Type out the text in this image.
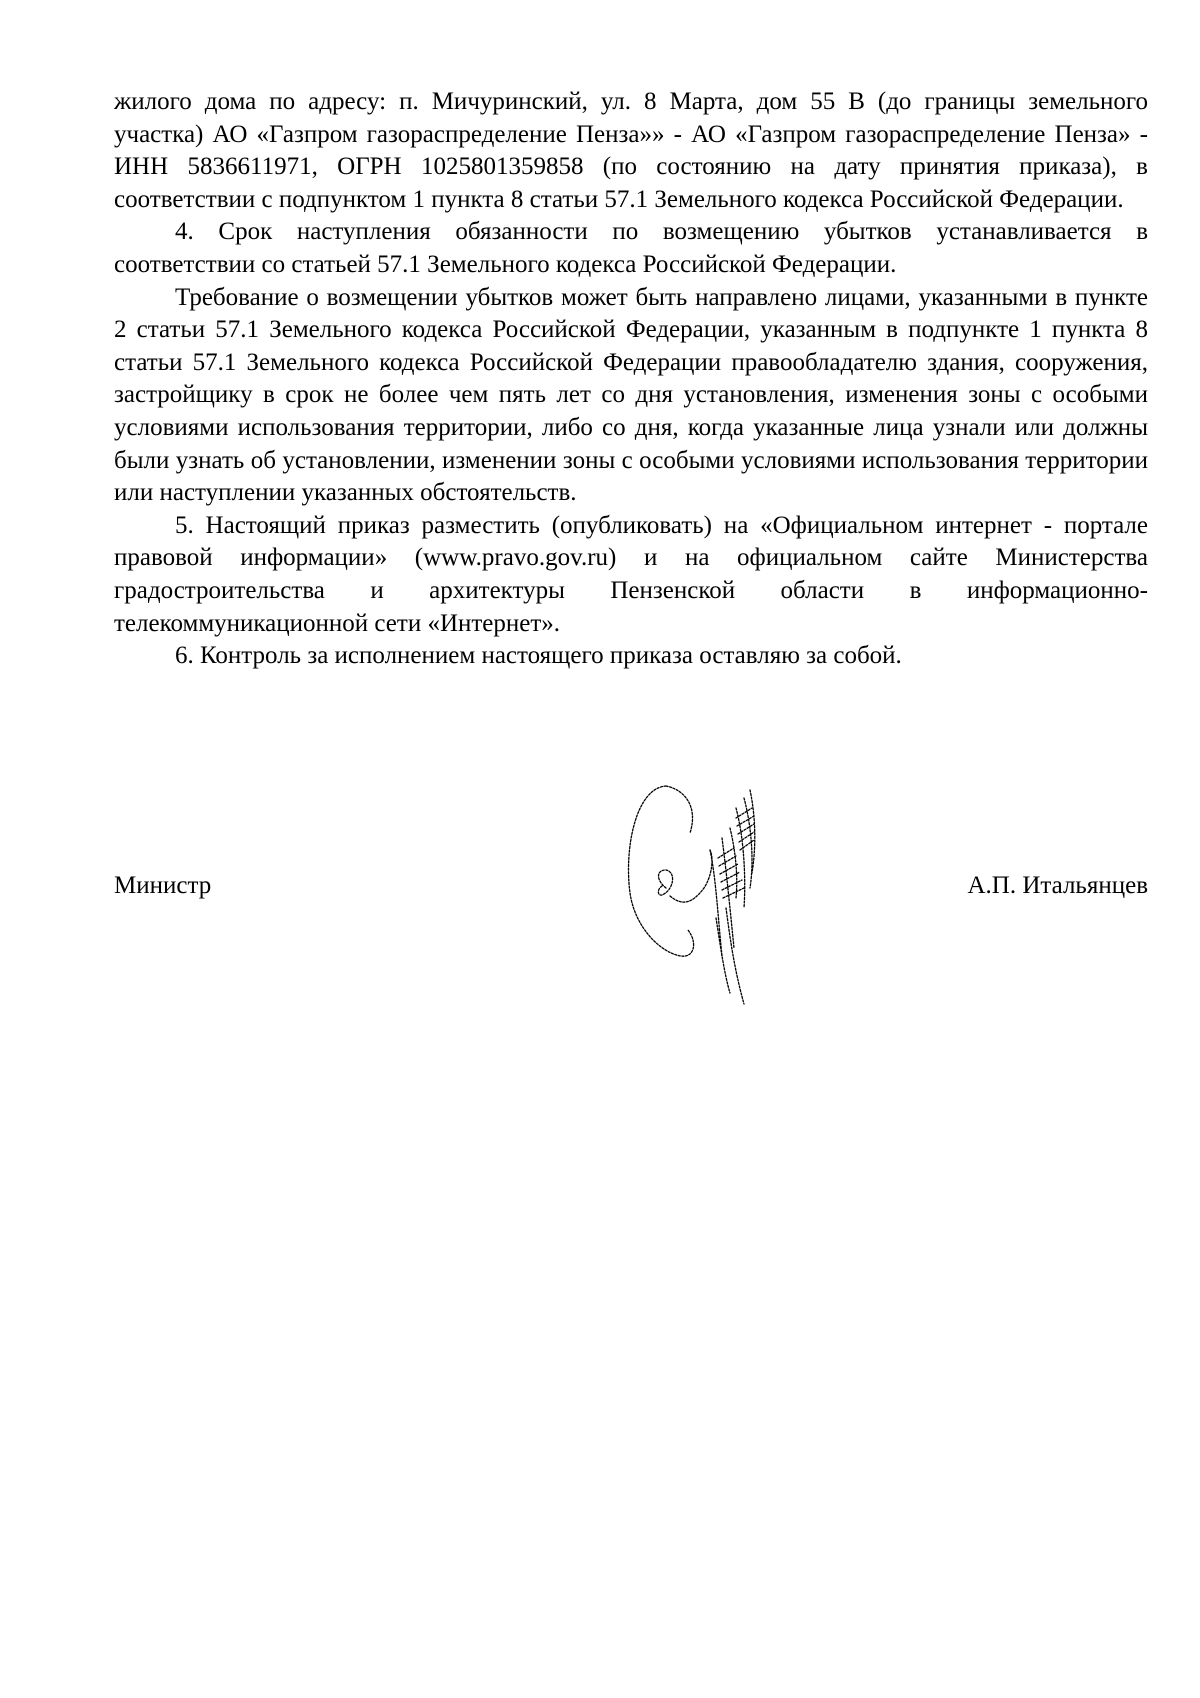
жилого дома по адресу: п. Мичуринский, ул. 8 Марта, дом 55 В (до границы земельного участка) АО «Газпром газораспределение Пенза»» - АО «Газпром газораспределение Пенза» - ИНН 5836611971, ОГРН 1025801359858 (по состоянию на дату принятия приказа), в соответствии с подпунктом 1 пункта 8 статьи 57.1 Земельного кодекса Российской Федерации.

4. Срок наступления обязанности по возмещению убытков устанавливается в соответствии со статьей 57.1 Земельного кодекса Российской Федерации.

Требование о возмещении убытков может быть направлено лицами, указанными в пункте 2 статьи 57.1 Земельного кодекса Российской Федерации, указанным в подпункте 1 пункта 8 статьи 57.1 Земельного кодекса Российской Федерации правообладателю здания, сооружения, застройщику в срок не более чем пять лет со дня установления, изменения зоны с особыми условиями использования территории, либо со дня, когда указанные лица узнали или должны были узнать об установлении, изменении зоны с особыми условиями использования территории или наступлении указанных обстоятельств.

5. Настоящий приказ разместить (опубликовать) на «Официальном интернет - портале правовой информации» (www.pravo.gov.ru) и на официальном сайте Министерства градостроительства и архитектуры Пензенской области в информационно-телекоммуникационной сети «Интернет».

6. Контроль за исполнением настоящего приказа оставляю за собой.

Министр	А.П. Итальянцев
